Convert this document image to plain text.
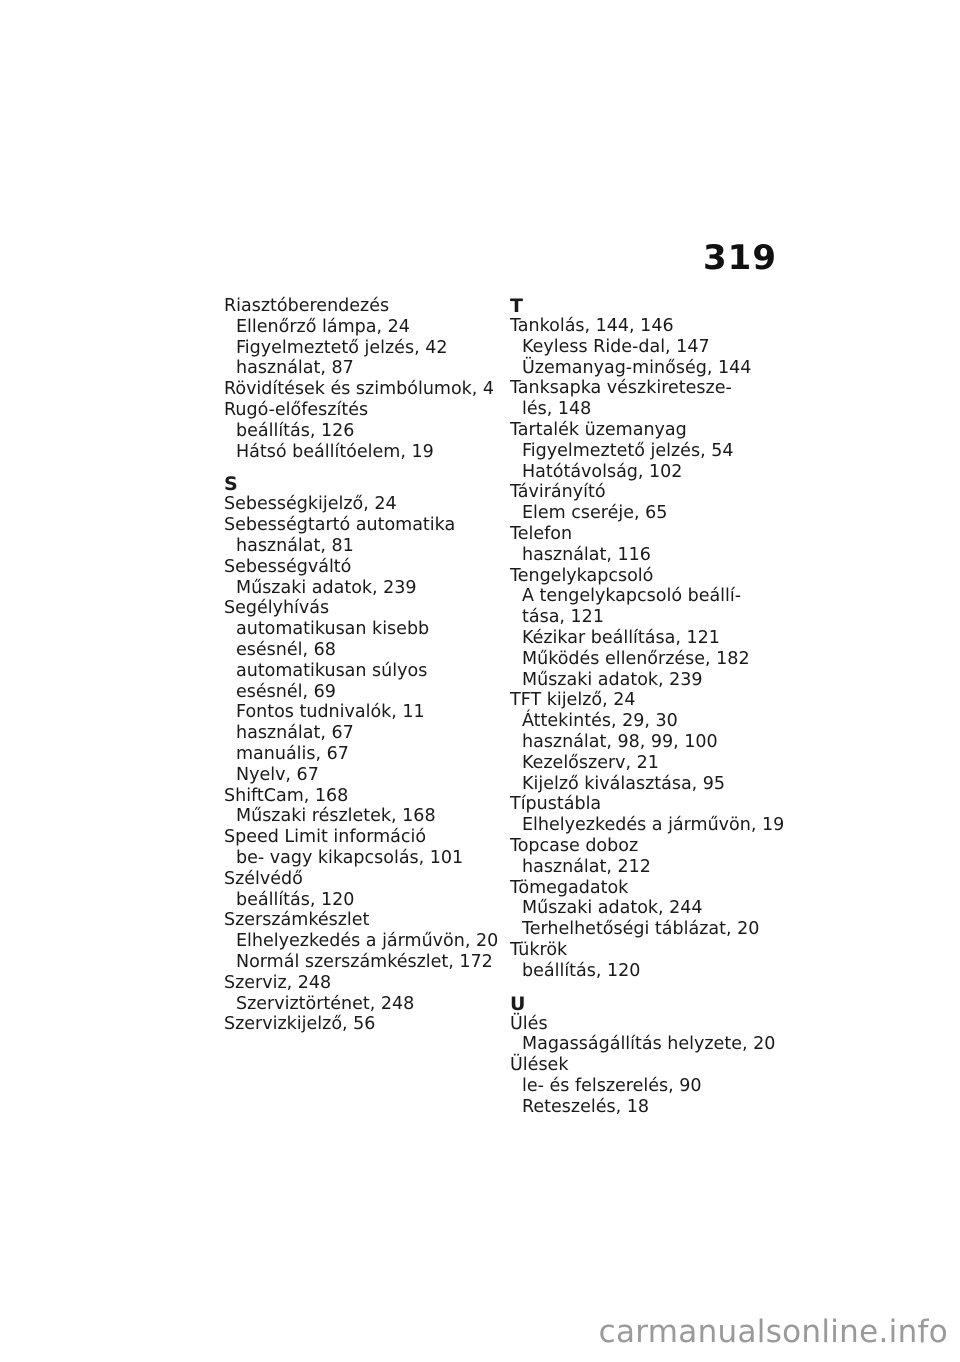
319
Riasztóberendezés
Ellenőrző lámpa, 24
Figyelmeztető jelzés, 42
használat, 87
Rövidítések és szimbólumok, 4
Rugó-előfeszítés
beállítás, 126
Hátsó beállítóelem, 19
S
Sebességkijelző, 24
Sebességtartó automatika
használat, 81
Sebességváltó
Műszaki adatok, 239
Segélyhívás
automatikusan kisebb
esésnél, 68
automatikusan súlyos
esésnél, 69
Fontos tudnivalók, 11
használat, 67
manuális, 67
Nyelv, 67
ShiftCam, 168
Műszaki részletek, 168
Speed Limit információ
be- vagy kikapcsolás, 101
Szélvédő
beállítás, 120
Szerszámkészlet
Elhelyezkedés a járművön, 20
Normál szerszámkészlet, 172
Szerviz, 248
Szerviztörténet, 248
Szervizkijelző, 56
T
Tankolás, 144, 146
Keyless Ride-dal, 147
Üzemanyag-minőség, 144
Tanksapka vészkiretesze-
lés, 148
Tartalék üzemanyag
Figyelmeztető jelzés, 54
Hatótávolság, 102
Távirányító
Elem cseréje, 65
Telefon
használat, 116
Tengelykapcsoló
A tengelykapcsoló beállí-
tása, 121
Kézikar beállítása, 121
Működés ellenőrzése, 182
Műszaki adatok, 239
TFT kijelző, 24
Áttekintés, 29, 30
használat, 98, 99, 100
Kezelőszerv, 21
Kijelző kiválasztása, 95
Típustábla
Elhelyezkedés a járművön, 19
Topcase doboz
használat, 212
Tömegadatok
Műszaki adatok, 244
Terhelhetőségi táblázat, 20
Tükrök
beállítás, 120
U
Ülés
Magasságállítás helyzete, 20
Ülések
le- és felszerelés, 90
Reteszelés, 18
carmanualsonline.info
